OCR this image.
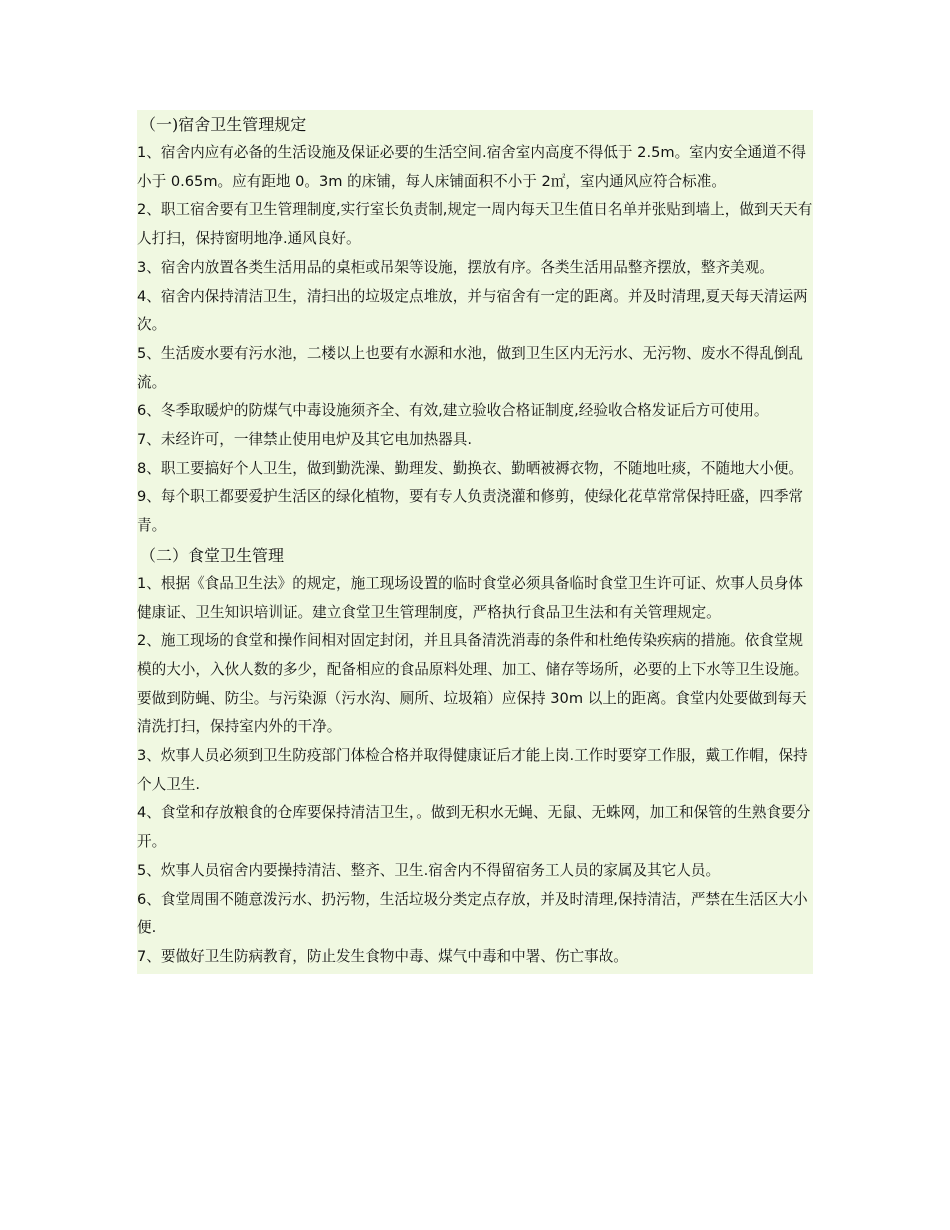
（一)宿舍卫生管理规定
1、宿舍内应有必备的生活设施及保证必要的生活空间.宿舍室内高度不得低于 2.5m。室内安全通道不得小于 0.65m。应有距地 0。3m 的床铺，每人床铺面积不小于 2㎡，室内通风应符合标准。
2、职工宿舍要有卫生管理制度,实行室长负责制,规定一周内每天卫生值日名单并张贴到墙上，做到天天有人打扫，保持窗明地净.通风良好。
3、宿舍内放置各类生活用品的桌柜或吊架等设施，摆放有序。各类生活用品整齐摆放，整齐美观。
4、宿舍内保持清洁卫生，清扫出的垃圾定点堆放，并与宿舍有一定的距离。并及时清理,夏天每天清运两次。
5、生活废水要有污水池，二楼以上也要有水源和水池，做到卫生区内无污水、无污物、废水不得乱倒乱流。
6、冬季取暖炉的防煤气中毒设施须齐全、有效,建立验收合格证制度,经验收合格发证后方可使用。
7、未经许可，一律禁止使用电炉及其它电加热器具.
8、职工要搞好个人卫生，做到勤洗澡、勤理发、勤换衣、勤晒被褥衣物，不随地吐痰，不随地大小便。
9、每个职工都要爱护生活区的绿化植物，要有专人负责浇灌和修剪，使绿化花草常常保持旺盛，四季常青。
（二）食堂卫生管理
1、根据《食品卫生法》的规定，施工现场设置的临时食堂必须具备临时食堂卫生许可证、炊事人员身体健康证、卫生知识培训证。建立食堂卫生管理制度，严格执行食品卫生法和有关管理规定。
2、施工现场的食堂和操作间相对固定封闭，并且具备清洗消毒的条件和杜绝传染疾病的措施。依食堂规模的大小，入伙人数的多少，配备相应的食品原料处理、加工、储存等场所，必要的上下水等卫生设施。要做到防蝇、防尘。与污染源（污水沟、厕所、垃圾箱）应保持 30m 以上的距离。食堂内处要做到每天清洗打扫，保持室内外的干净。
3、炊事人员必须到卫生防疫部门体检合格并取得健康证后才能上岗.工作时要穿工作服，戴工作帽，保持个人卫生.
4、食堂和存放粮食的仓库要保持清洁卫生，。做到无积水无蝇、无鼠、无蛛网，加工和保管的生熟食要分开。
5、炊事人员宿舍内要操持清洁、整齐、卫生.宿舍内不得留宿务工人员的家属及其它人员。
6、食堂周围不随意泼污水、扔污物，生活垃圾分类定点存放，并及时清理,保持清洁，严禁在生活区大小便.
7、要做好卫生防病教育，防止发生食物中毒、煤气中毒和中署、伤亡事故。
